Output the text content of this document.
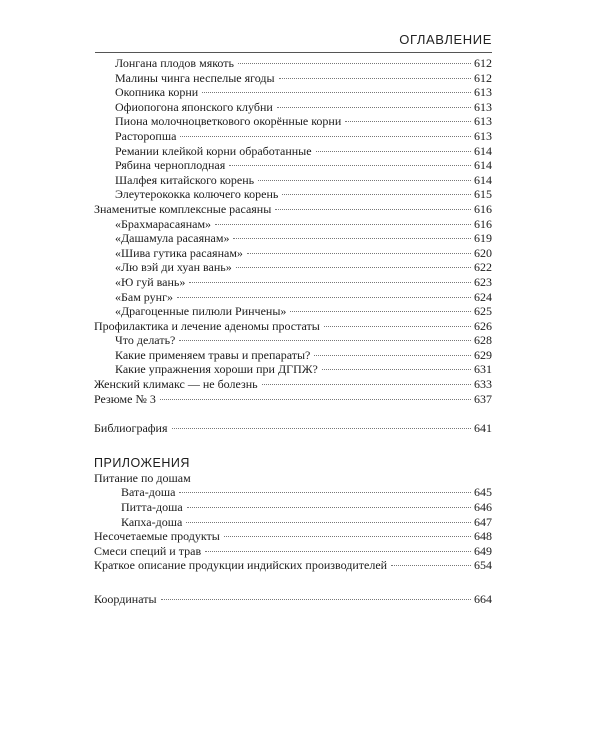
ОГЛАВЛЕНИЕ
Лонгана плодов мякоть	612
Малины чинга неспелые ягоды	612
Окопника корни	613
Офиопогона японского клубни	613
Пиона молочноцветкового окорённые корни	613
Расторопша	613
Ремании клейкой корни обработанные	614
Рябина черноплодная	614
Шалфея китайского корень	614
Элеутерококка колючего корень	615
Знаменитые комплексные расаяны	616
«Брахмарасаянам»	616
«Дашамула расаянам»	619
«Шива гутика расаянам»	620
«Лю вэй ди хуан вань»	622
«Ю гуй вань»	623
«Бам рунг»	624
«Драгоценные пилюли Ринчены»	625
Профилактика и лечение аденомы простаты	626
Что делать?	628
Какие применяем травы и препараты?	629
Какие упражнения хороши при ДГПЖ?	631
Женский климакс — не болезнь	633
Резюме № 3	637
Библиография	641
ПРИЛОЖЕНИЯ
Питание по дошам
Вата-доша	645
Питта-доша	646
Капха-доша	647
Несочетаемые продукты	648
Смеси специй и трав	649
Краткое описание продукции индийских производителей	654
Координаты	664
